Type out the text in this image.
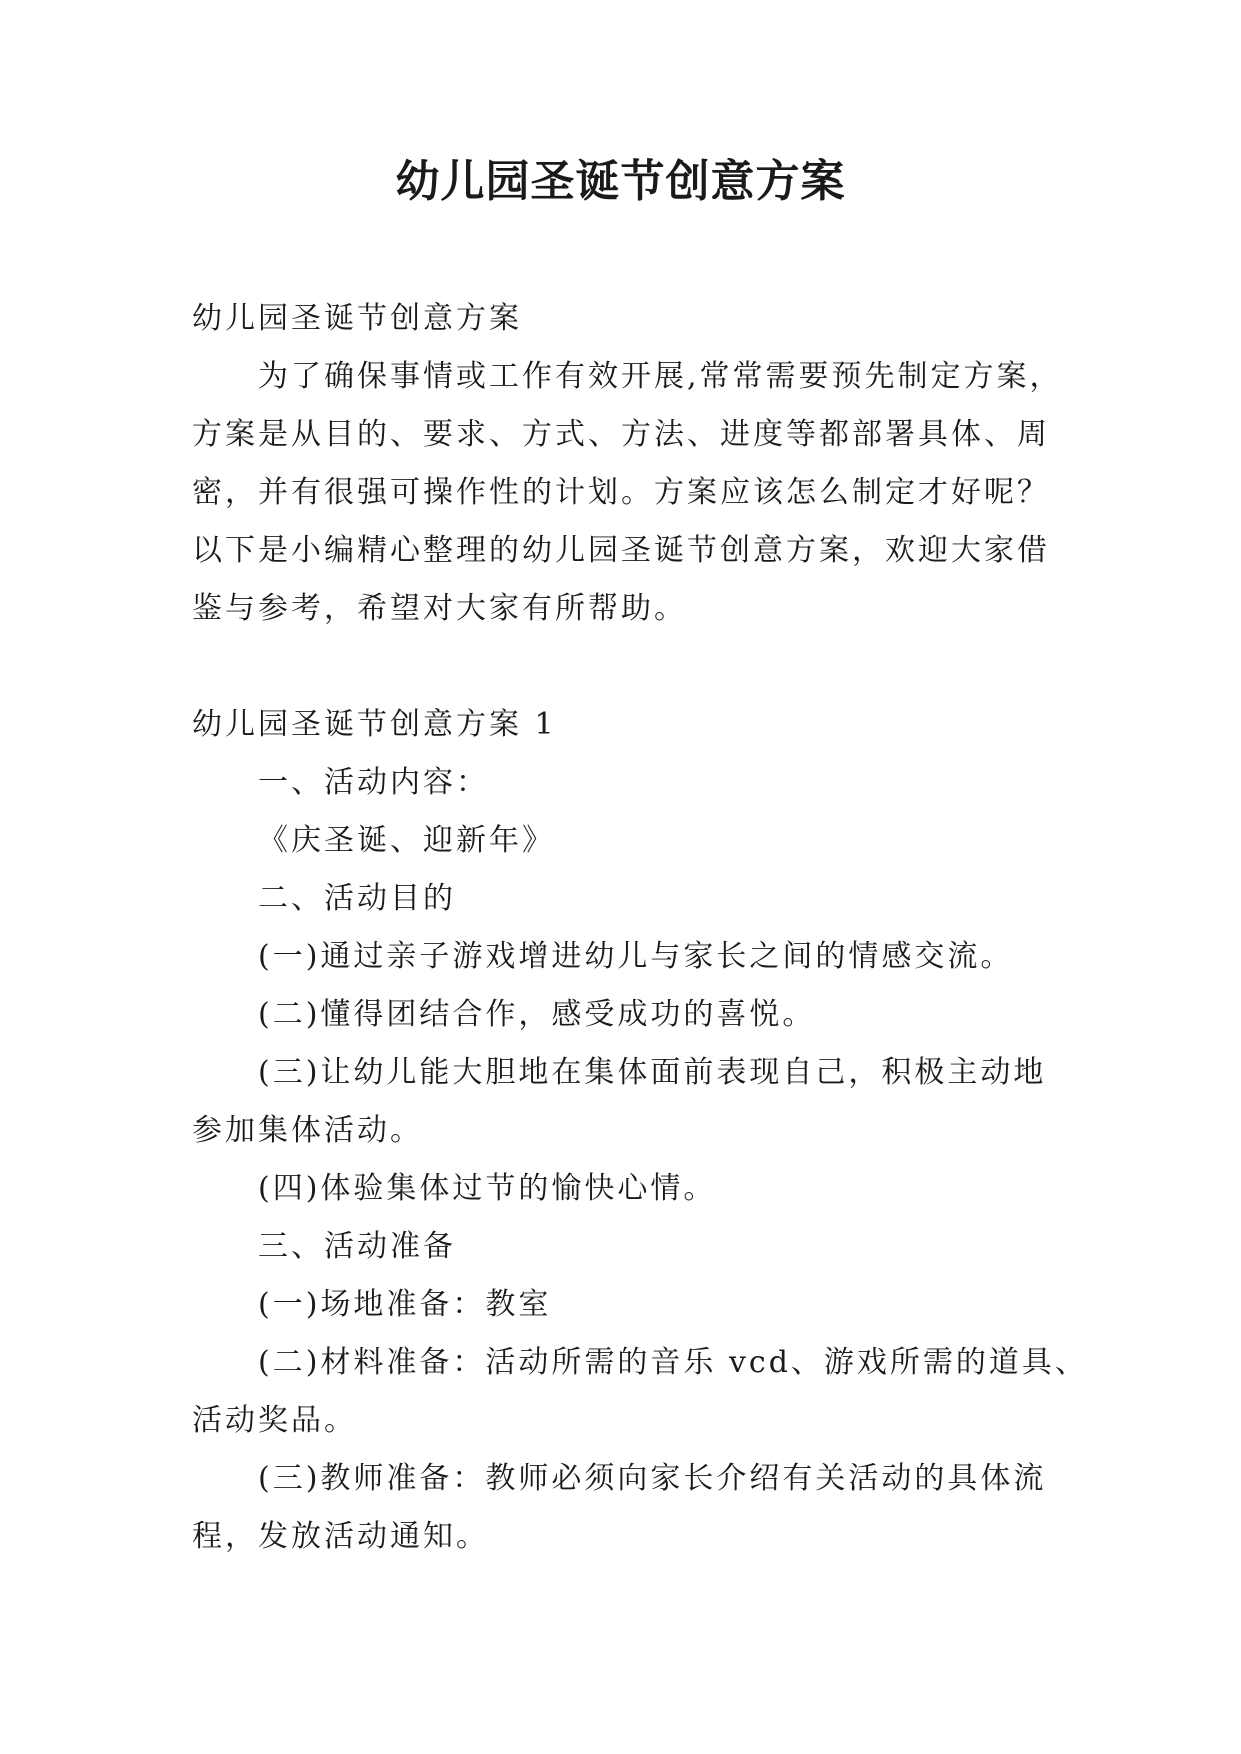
幼儿园圣诞节创意方案

幼儿园圣诞节创意方案

为了确保事情或工作有效开展,常常需要预先制定方案，

方案是从目的、要求、方式、方法、进度等都部署具体、周

密，并有很强可操作性的计划。方案应该怎么制定才好呢？

以下是小编精心整理的幼儿园圣诞节创意方案，欢迎大家借

鉴与参考，希望对大家有所帮助。

幼儿园圣诞节创意方案 1

一、活动内容：

《庆圣诞、迎新年》

二、活动目的

(一)通过亲子游戏增进幼儿与家长之间的情感交流。

(二)懂得团结合作，感受成功的喜悦。

(三)让幼儿能大胆地在集体面前表现自己，积极主动地

参加集体活动。

(四)体验集体过节的愉快心情。

三、活动准备

(一)场地准备：教室

(二)材料准备：活动所需的音乐 vcd、游戏所需的道具、

活动奖品。

(三)教师准备：教师必须向家长介绍有关活动的具体流

程，发放活动通知。
